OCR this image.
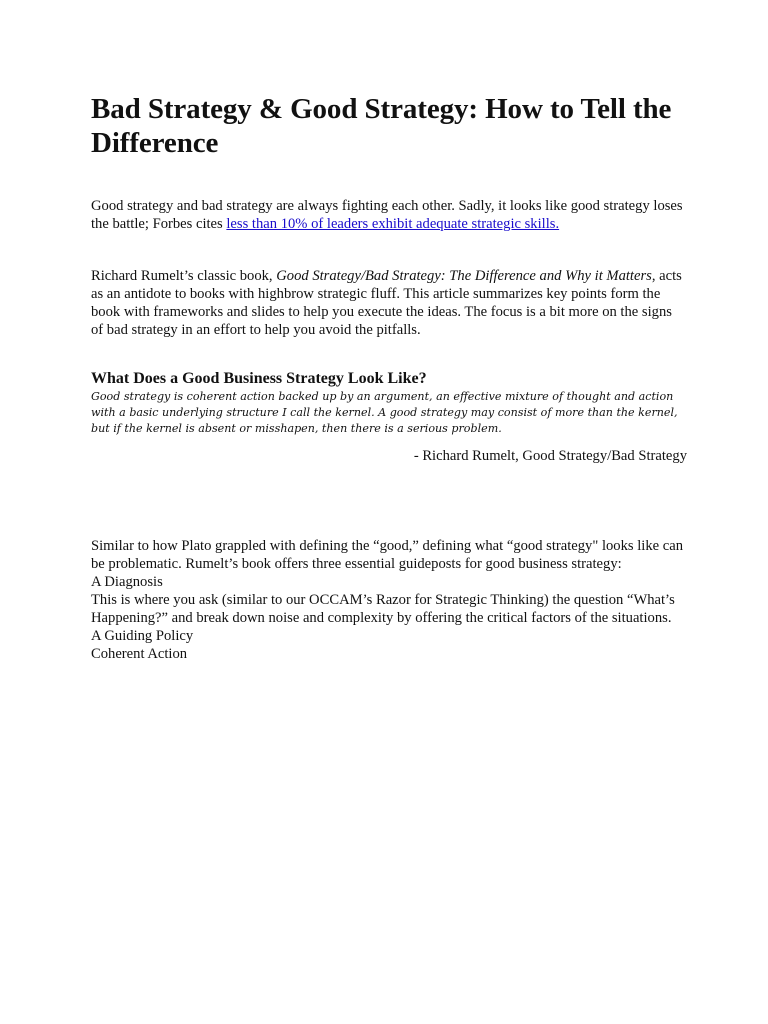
Bad Strategy & Good Strategy: How to Tell the Difference

Good strategy and bad strategy are always fighting each other. Sadly, it looks like good strategy loses the battle; Forbes cites less than 10% of leaders exhibit adequate strategic skills.

Richard Rumelt’s classic book, Good Strategy/Bad Strategy: The Difference and Why it Matters, acts as an antidote to books with highbrow strategic fluff. This article summarizes key points form the book with frameworks and slides to help you execute the ideas. The focus is a bit more on the signs of bad strategy in an effort to help you avoid the pitfalls.

What Does a Good Business Strategy Look Like?

Good strategy is coherent action backed up by an argument, an effective mixture of thought and action with a basic underlying structure I call the kernel. A good strategy may consist of more than the kernel, but if the kernel is absent or misshapen, then there is a serious problem.

- Richard Rumelt, Good Strategy/Bad Strategy

Similar to how Plato grappled with defining the “good,” defining what “good strategy" looks like can be problematic. Rumelt’s book offers three essential guideposts for good business strategy:

A Diagnosis

This is where you ask (similar to our OCCAM’s Razor for Strategic Thinking) the question “What’s Happening?” and break down noise and complexity by offering the critical factors of the situations.

A Guiding Policy

Coherent Action
